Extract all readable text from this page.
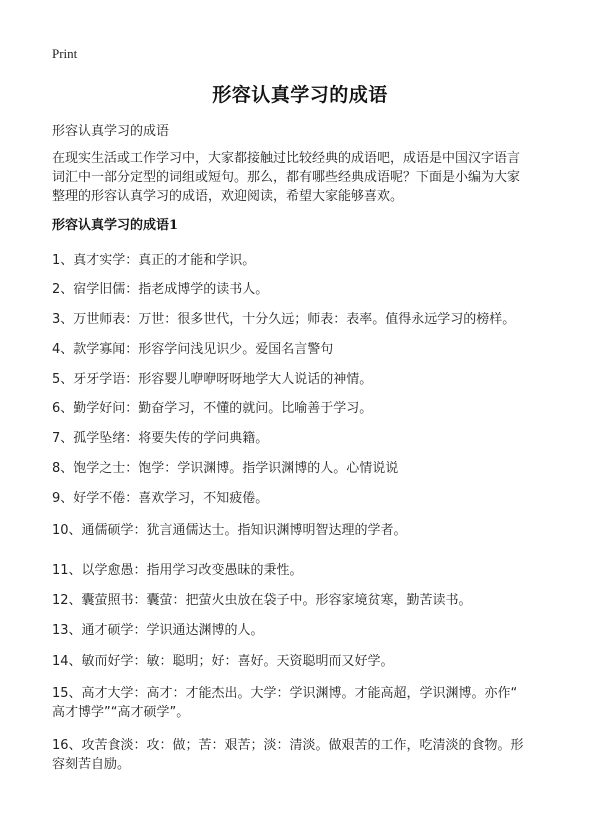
Print
形容认真学习的成语
形容认真学习的成语
在现实生活或工作学习中，大家都接触过比较经典的成语吧，成语是中国汉字语言
词汇中一部分定型的词组或短句。那么，都有哪些经典成语呢？下面是小编为大家
整理的形容认真学习的成语，欢迎阅读，希望大家能够喜欢。
形容认真学习的成语1
1、真才实学：真正的才能和学识。
2、宿学旧儒：指老成博学的读书人。
3、万世师表：万世：很多世代，十分久远；师表：表率。值得永远学习的榜样。
4、款学寡闻：形容学问浅见识少。爱国名言警句
5、牙牙学语：形容婴儿咿咿呀呀地学大人说话的神情。
6、勤学好问：勤奋学习，不懂的就问。比喻善于学习。
7、孤学坠绪：将要失传的学问典籍。
8、饱学之士：饱学：学识渊博。指学识渊博的人。心情说说
9、好学不倦：喜欢学习，不知疲倦。
10、通儒硕学：犹言通儒达士。指知识渊博明智达理的学者。
11、以学愈愚：指用学习改变愚昧的秉性。
12、囊萤照书：囊萤：把萤火虫放在袋子中。形容家境贫寒，勤苦读书。
13、通才硕学：学识通达渊博的人。
14、敏而好学：敏：聪明；好：喜好。天资聪明而又好学。
15、高才大学：高才：才能杰出。大学：学识渊博。才能高超，学识渊博。亦作“
高才博学”“高才硕学”。
16、攻苦食淡：攻：做；苦：艰苦；淡：清淡。做艰苦的工作，吃清淡的食物。形
容刻苦自励。
